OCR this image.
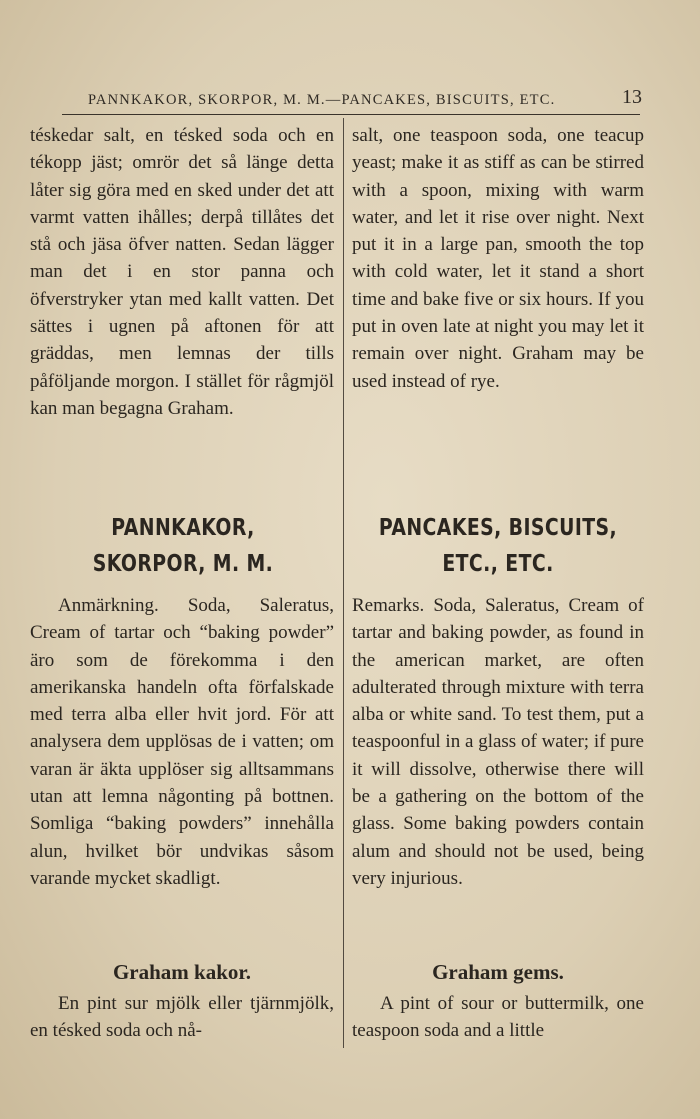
PANNKAKOR, SKORPOR, M. M.—PANCAKES, BISCUITS, ETC.	13
téskedar salt, en tésked soda och en tékopp jäst; omrör det så länge detta låter sig göra med en sked under det att varmt vatten ihålles; derpå tillåtes det stå och jäsa öfver natten. Sedan lägger man det i en stor panna och öfverstryker ytan med kallt vatten. Det sättes i ugnen på aftonen för att gräddas, men lemnas der tills påföljande morgon. I stället för rågmjöl kan man begagna Graham.
salt, one teaspoon soda, one teacup yeast; make it as stiff as can be stirred with a spoon, mixing with warm water, and let it rise over night. Next put it in a large pan, smooth the top with cold water, let it stand a short time and bake five or six hours. If you put in oven late at night you may let it remain over night. Graham may be used instead of rye.
PANNKAKOR, SKORPOR, M. M.
PANCAKES, BISCUITS, ETC., ETC.
Anmärkning. Soda, Saleratus, Cream of tartar och “baking powder” äro som de förekomma i den amerikanska handeln ofta förfalskade med terra alba eller hvit jord. För att analysera dem upplösas de i vatten; om varan är äkta upplöser sig alltsammans utan att lemna någonting på bottnen. Somliga “baking powders” innehålla alun, hvilket bör undvikas såsom varande mycket skadligt.
Remarks. Soda, Saleratus, Cream of tartar and baking powder, as found in the american market, are often adulterated through mixture with terra alba or white sand. To test them, put a teaspoonful in a glass of water; if pure it will dissolve, otherwise there will be a gathering on the bottom of the glass. Some baking powders contain alum and should not be used, being very injurious.
Graham kakor.	Graham gems.
En pint sur mjölk eller tjärnmjölk, en tésked soda och nå-
A pint of sour or buttermilk, one teaspoon soda and a little
